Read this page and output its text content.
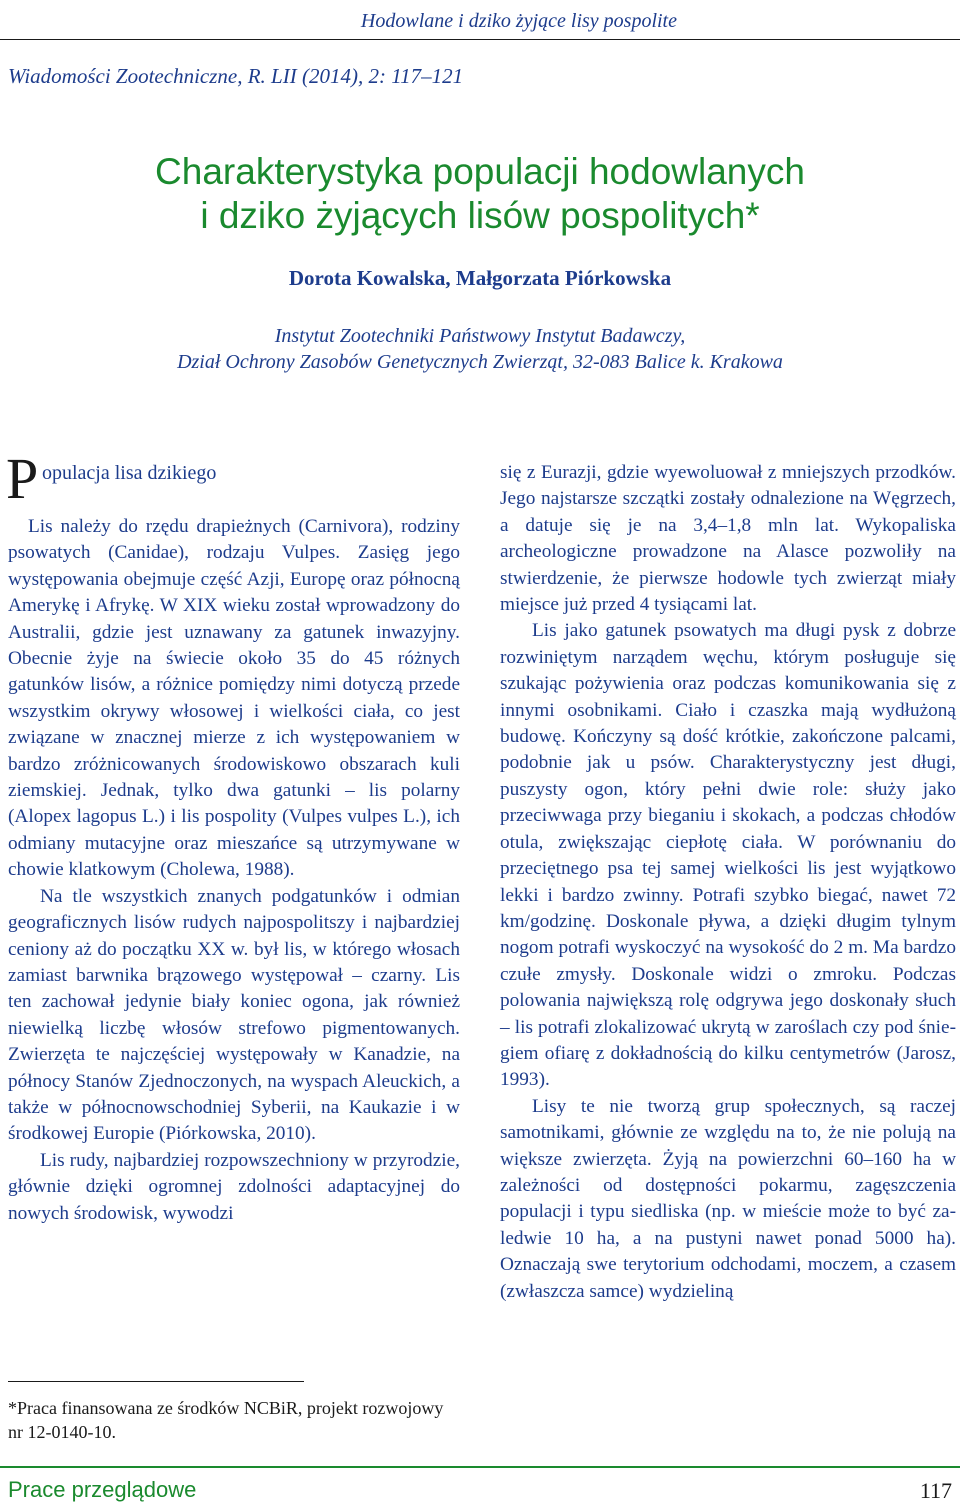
Hodowlane i dziko żyjące lisy pospolite
Wiadomości Zootechniczne, R. LII (2014), 2: 117–121
Charakterystyka populacji hodowlanych
i dziko żyjących lisów pospolitych*
Dorota Kowalska, Małgorzata Piórkowska
Instytut Zootechniki Państwowy Instytut Badawczy,
Dział Ochrony Zasobów Genetycznych Zwierząt, 32-083 Balice k. Krakowa
P opulacja lisa dzikiego

Lis należy do rzędu drapieżnych (Carnivora), rodziny psowatych (Canidae), rodzaju Vulpes. Zasięg jego występowania obejmuje część Azji, Europę oraz północną Amerykę i Afrykę. W XIX wieku został wprowadzony do Australii, gdzie jest uznawany za gatunek inwazyjny. Obecnie żyje na świecie około 35 do 45 różnych gatunków lisów, a różnice pomiędzy nimi dotyczą przede wszystkim okrywy włosowej i wielkości ciała, co jest związane w znacznej mierze z ich występowaniem w bardzo zróżnicowanych środowiskowo obszarach kuli ziemskiej. Jednak, tylko dwa gatunki – lis polarny (Alopex lagopus L.) i lis pospolity (Vulpes vulpes L.), ich odmiany mutacyjne oraz mieszańce są utrzymywane w chowie klatkowym (Cholewa, 1988).

Na tle wszystkich znanych podgatunków i odmian geograficznych lisów rudych najpospolitszy i najbardziej ceniony aż do początku XX w. był lis, w którego włosach zamiast barwnika brązowego występował – czarny. Lis ten zachował jedynie biały koniec ogona, jak również niewielką liczbę włosów strefowo pigmentowanych. Zwierzęta te najczęściej występowały w Kanadzie, na północy Stanów Zjednoczonych, na wyspach Aleuckich, a także w północnowschodniej Syberii, na Kaukazie i w środkowej Europie (Piórkowska, 2010).

Lis rudy, najbardziej rozpowszechniony w przyrodzie, głównie dzięki ogromnej zdolności adaptacyjnej do nowych środowisk, wywodzi

się z Eurazji, gdzie wyewoluował z mniejszych przodków. Jego najstarsze szczątki zostały odnalezione na Węgrzech, a datuje się je na 3,4–1,8 mln lat. Wykopaliska archeologiczne prowadzone na Alasce pozwoliły na stwierdzenie, że pierwsze hodowle tych zwierząt miały miejsce już przed 4 tysiącami lat.

Lis jako gatunek psowatych ma długi pysk z dobrze rozwiniętym narządem węchu, którym posługuje się szukając pożywienia oraz podczas komunikowania się z innymi osobnikami. Ciało i czaszka mają wydłużoną budowę. Kończyny są dość krótkie, zakończone palcami, podobnie jak u psów. Charakterystyczny jest długi, puszysty ogon, który pełni dwie role: służy jako przeciwwaga przy bieganiu i skokach, a podczas chłodów otula, zwiększając ciepłotę ciała. W porównaniu do przeciętnego psa tej samej wielkości lis jest wyjątkowo lekki i bardzo zwinny. Potrafi szybko biegać, nawet 72 km/godzinę. Doskonale pływa, a dzięki długim tylnym nogom potrafi wyskoczyć na wysokość do 2 m. Ma bardzo czułe zmysły. Doskonale widzi o zmroku. Podczas polowania największą rolę odgrywa jego doskonały słuch – lis potrafi zlokalizować ukrytą w zaroślach czy pod śniegiem ofiarę z dokładnością do kilku centymetrów (Jarosz, 1993).

Lisy te nie tworzą grup społecznych, są raczej samotnikami, głównie ze względu na to, że nie polują na większe zwierzęta. Żyją na powierzchni 60–160 ha w zależności od dostępności pokarmu, zagęszczenia populacji i typu siedliska (np. w mieście może to być zaledwie 10 ha, a na pustyni nawet ponad 5000 ha). Oznaczają swe terytorium odchodami, moczem, a czasem (zwłaszcza samce) wydzieliną

*Praca finansowana ze środków NCBiR, projekt rozwojowy nr 12-0140-10.

Prace przeglądowe	117
